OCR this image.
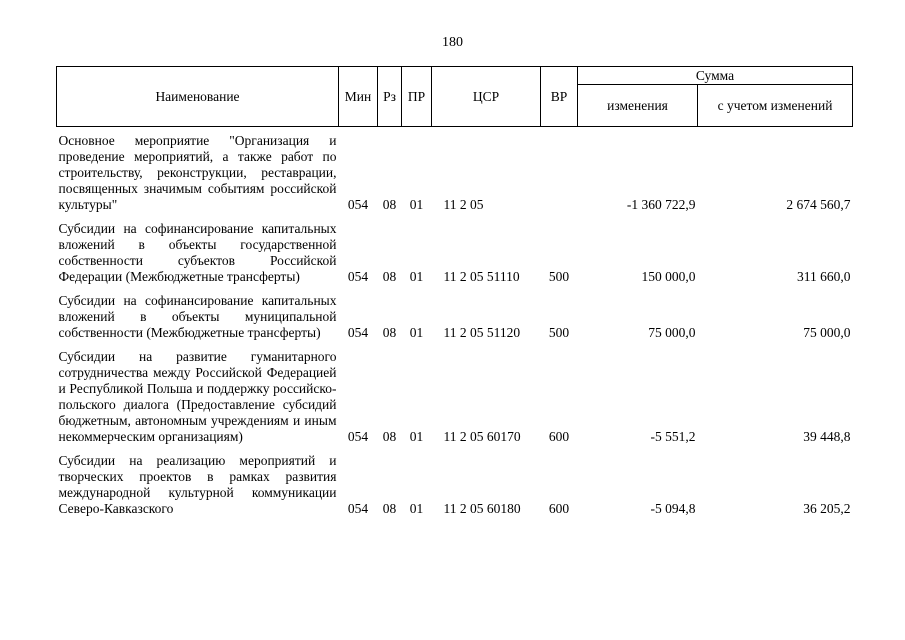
180
Наименование	Мин	Рз	ПР	ЦСР	ВР	Сумма	
						изменения	с учетом изменений
Основное мероприятие "Организация и проведение мероприятий, а также работ по строительству, реконструкции, реставрации, посвященных значимым событиям российской культуры"	054	08	01	11 2 05		-1 360 722,9	2 674 560,7
Субсидии на софинансирование капитальных вложений в объекты государственной собственности субъектов Российской Федерации (Межбюджетные трансферты)	054	08	01	11 2 05 51110	500	150 000,0	311 660,0
Субсидии на софинансирование капитальных вложений в объекты муниципальной собственности (Межбюджетные трансферты)	054	08	01	11 2 05 51120	500	75 000,0	75 000,0
Субсидии на развитие гуманитарного сотрудничества между Российской Федерацией и Республикой Польша и поддержку российско-польского диалога (Предоставление субсидий бюджетным, автономным учреждениям и иным некоммерческим организациям)	054	08	01	11 2 05 60170	600	-5 551,2	39 448,8
Субсидии на реализацию мероприятий и творческих проектов в рамках развития международной культурной коммуникации Северо-Кавказского	054	08	01	11 2 05 60180	600	-5 094,8	36 205,2
